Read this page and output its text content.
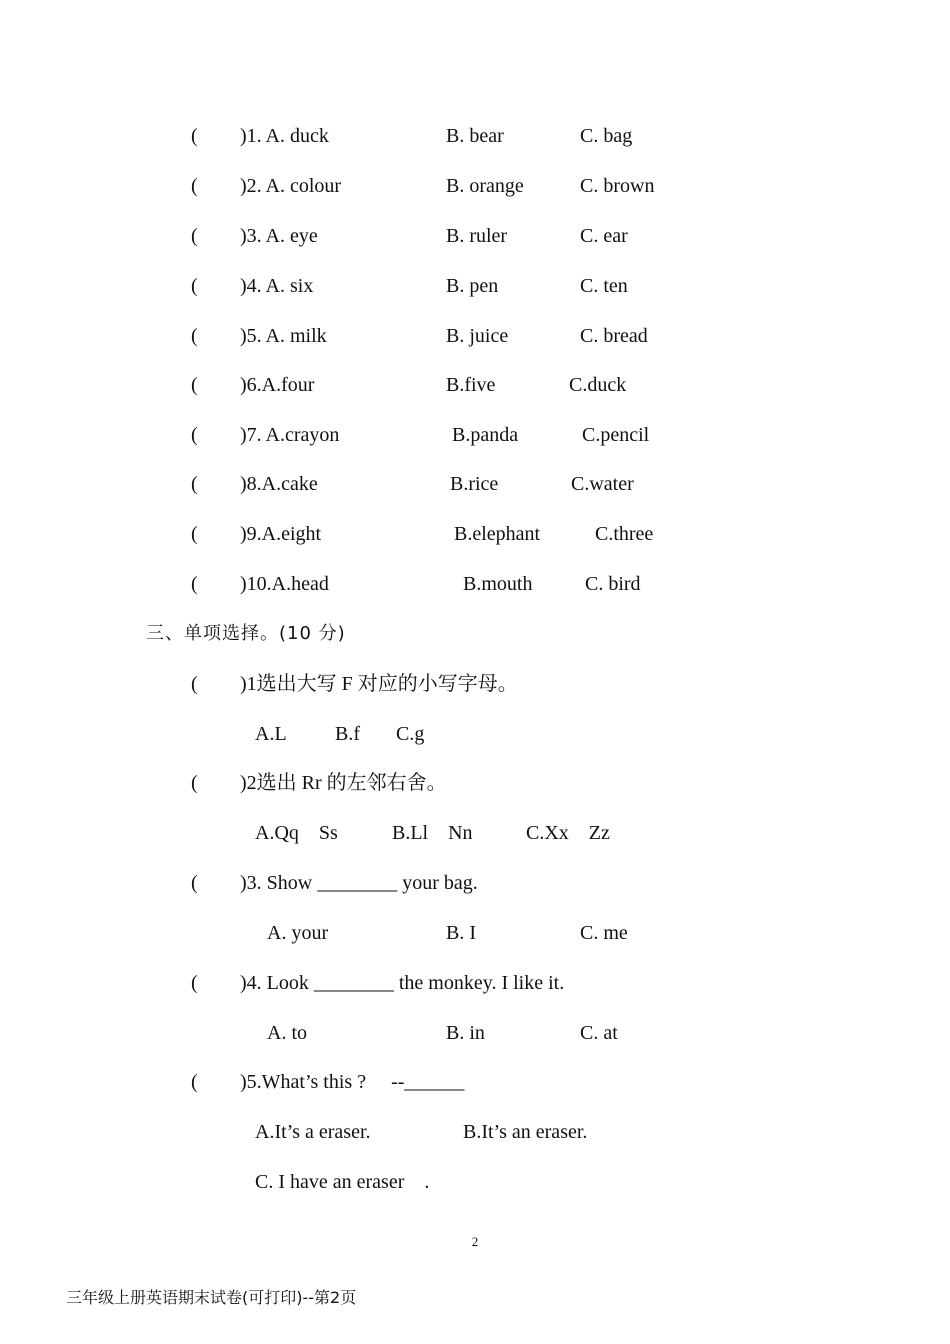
( )1. A. duck	B. bear	C. bag
( )2. A. colour	B. orange	C. brown
( )3. A. eye	B. ruler	C. ear
( )4. A. six	B. pen	C. ten
( )5. A. milk	B. juice	C. bread
( )6.A.four	B.five	C.duck
( )7. A.crayon	B.panda	C.pencil
( )8.A.cake	B.rice	C.water
( )9.A.eight	B.elephant	C.three
( )10.A.head	B.mouth	C. bird
三、单项选择。(10 分)
( )1选出大写 F 对应的小写字母。
A.L B.f C.g
( )2选出 Rr 的左邻右舍。
A.Qq　Ss	B.Ll　Nn	C.Xx　Zz
( )3. Show ________ your bag.
A. your	B. I	C. me
( )4. Look ________ the monkey. I like it.
A. to	B. in	C. at
( )5.What’s this ?　 --______
A.It’s a eraser.	B.It’s an eraser.
C. I have an eraser　.
2
三年级上册英语期末试卷(可打印)--第2页
